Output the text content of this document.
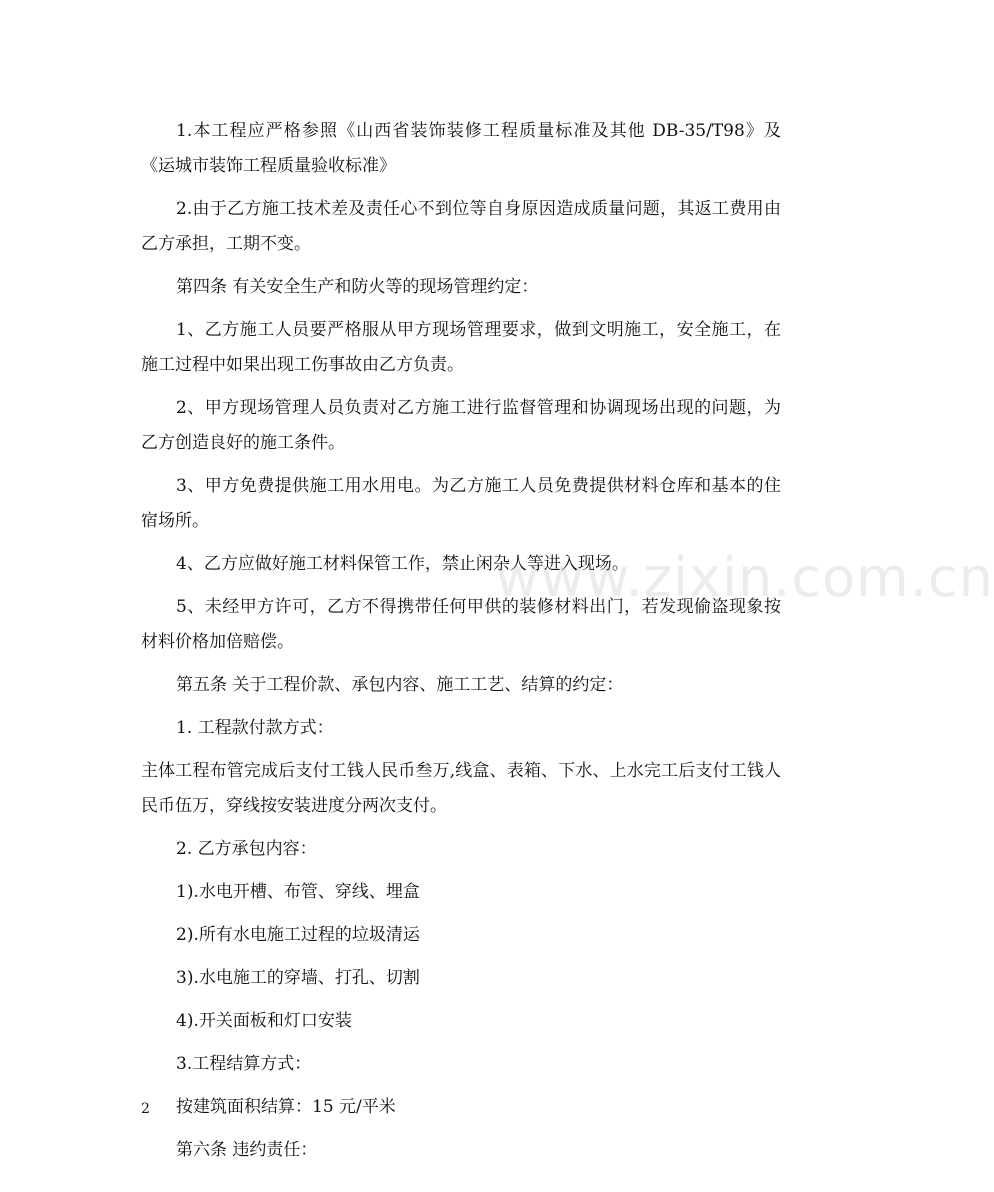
1.本工程应严格参照《山西省装饰装修工程质量标准及其他 DB-35/T98》及《运城市装饰工程质量验收标准》

2.由于乙方施工技术差及责任心不到位等自身原因造成质量问题，其返工费用由乙方承担，工期不变。

第四条 有关安全生产和防火等的现场管理约定：

1、乙方施工人员要严格服从甲方现场管理要求，做到文明施工，安全施工，在施工过程中如果出现工伤事故由乙方负责。

2、甲方现场管理人员负责对乙方施工进行监督管理和协调现场出现的问题，为乙方创造良好的施工条件。

3、甲方免费提供施工用水用电。为乙方施工人员免费提供材料仓库和基本的住宿场所。

4、乙方应做好施工材料保管工作，禁止闲杂人等进入现场。

5、未经甲方许可，乙方不得携带任何甲供的装修材料出门，若发现偷盗现象按材料价格加倍赔偿。

第五条 关于工程价款、承包内容、施工工艺、结算的约定：

1. 工程款付款方式：

主体工程布管完成后支付工钱人民币叁万,线盒、表箱、下水、上水完工后支付工钱人民币伍万，穿线按安装进度分两次支付。

2. 乙方承包内容：

1).水电开槽、布管、穿线、埋盒

2).所有水电施工过程的垃圾清运

3).水电施工的穿墙、打孔、切割

4).开关面板和灯口安装

3.工程结算方式：

按建筑面积结算：15 元/平米

第六条 违约责任：

www.zixin.com.cn
2
